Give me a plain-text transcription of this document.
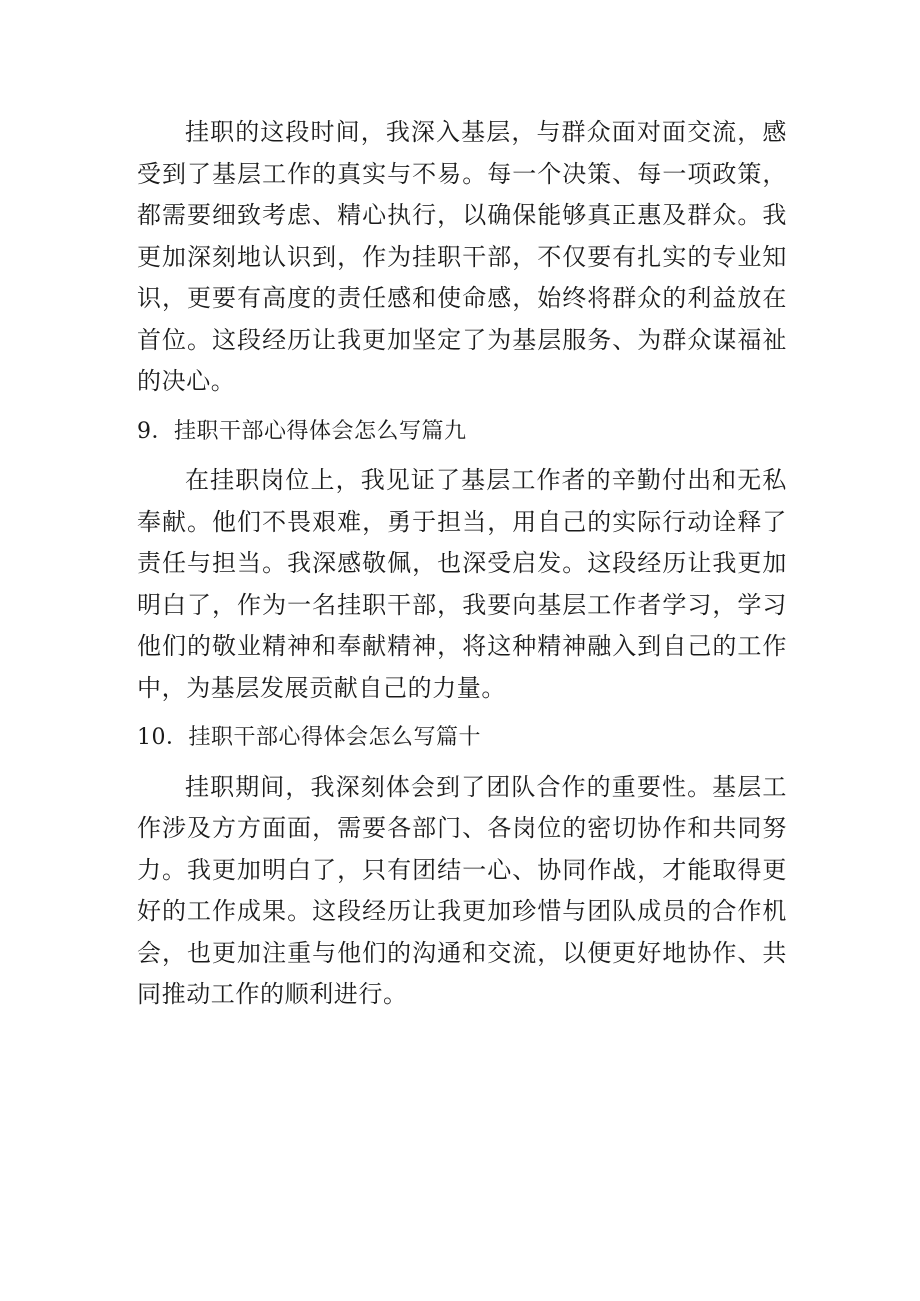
挂职的这段时间，我深入基层，与群众面对面交流，感受到了基层工作的真实与不易。每一个决策、每一项政策，都需要细致考虑、精心执行，以确保能够真正惠及群众。我更加深刻地认识到，作为挂职干部，不仅要有扎实的专业知识，更要有高度的责任感和使命感，始终将群众的利益放在首位。这段经历让我更加坚定了为基层服务、为群众谋福祉的决心。

9．挂职干部心得体会怎么写篇九

在挂职岗位上，我见证了基层工作者的辛勤付出和无私奉献。他们不畏艰难，勇于担当，用自己的实际行动诠释了责任与担当。我深感敬佩，也深受启发。这段经历让我更加明白了，作为一名挂职干部，我要向基层工作者学习，学习他们的敬业精神和奉献精神，将这种精神融入到自己的工作中，为基层发展贡献自己的力量。

10．挂职干部心得体会怎么写篇十

挂职期间，我深刻体会到了团队合作的重要性。基层工作涉及方方面面，需要各部门、各岗位的密切协作和共同努力。我更加明白了，只有团结一心、协同作战，才能取得更好的工作成果。这段经历让我更加珍惜与团队成员的合作机会，也更加注重与他们的沟通和交流，以便更好地协作、共同推动工作的顺利进行。
